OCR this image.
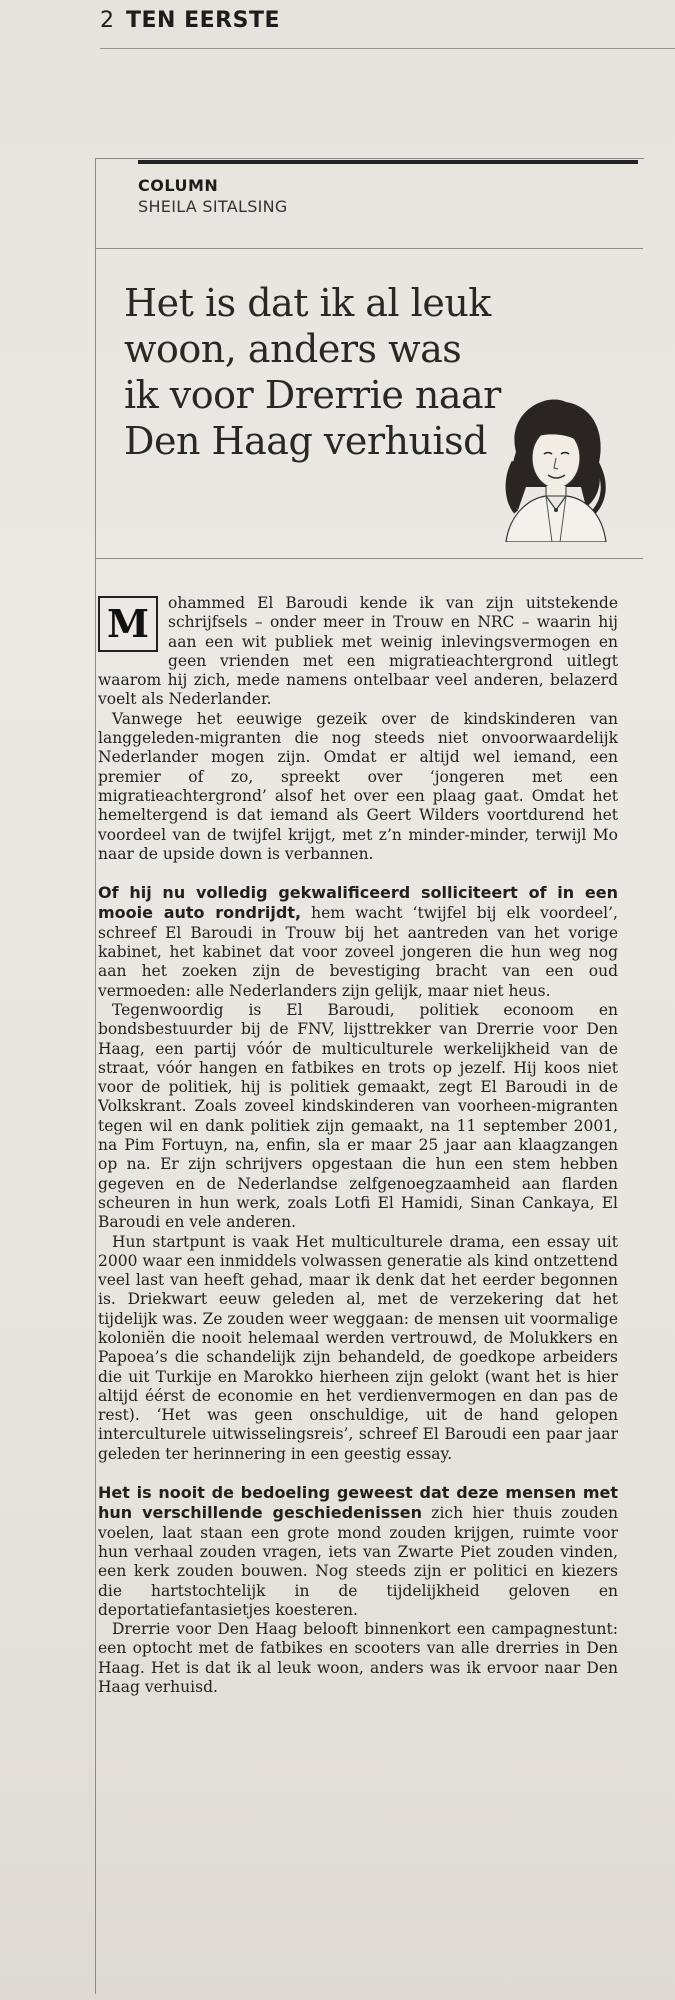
2 TEN EERSTE
COLUMN
SHEILA SITALSING
Het is dat ik al leuk woon, anders was ik voor Drerrie naar Den Haag verhuisd

M	ohammed El Baroudi kende ik van zijn uitstekende schrijfsels – onder meer in Trouw en NRC – waarin hij aan een wit publiek met weinig inlevingsvermogen en geen vrienden met een migratieachtergrond uitlegt waarom hij zich, mede namens ontelbaar veel anderen, belazerd voelt als Nederlander.

Vanwege het eeuwige gezeik over de kindskinderen van langgeleden-migranten die nog steeds niet onvoorwaardelijk Nederlander mogen zijn. Omdat er altijd wel iemand, een premier of zo, spreekt over ‘jongeren met een migratieachtergrond’ alsof het over een plaag gaat. Omdat het hemeltergend is dat iemand als Geert Wilders voortdurend het voordeel van de twijfel krijgt, met z’n minder-minder, terwijl Mo naar de upside down is verbannen.

Of hij nu volledig gekwalificeerd solliciteert of in een mooie auto rondrijdt, hem wacht ‘twijfel bij elk voordeel’, schreef El Baroudi in Trouw bij het aantreden van het vorige kabinet, het kabinet dat voor zoveel jongeren die hun weg nog aan het zoeken zijn de bevestiging bracht van een oud vermoeden: alle Nederlanders zijn gelijk, maar niet heus.

Tegenwoordig is El Baroudi, politiek econoom en bondsbestuurder bij de FNV, lijsttrekker van Drerrie voor Den Haag, een partij vóór de multiculturele werkelijkheid van de straat, vóór hangen en fatbikes en trots op jezelf. Hij koos niet voor de politiek, hij is politiek gemaakt, zegt El Baroudi in de Volkskrant. Zoals zoveel kindskinderen van voorheen-migranten tegen wil en dank politiek zijn gemaakt, na 11 september 2001, na Pim Fortuyn, na, enfin, sla er maar 25 jaar aan klaagzangen op na. Er zijn schrijvers opgestaan die hun een stem hebben gegeven en de Nederlandse zelfgenoegzaamheid aan flarden scheuren in hun werk, zoals Lotfi El Hamidi, Sinan Cankaya, El Baroudi en vele anderen.

Hun startpunt is vaak Het multiculturele drama, een essay uit 2000 waar een inmiddels volwassen generatie als kind ontzettend veel last van heeft gehad, maar ik denk dat het eerder begonnen is. Driekwart eeuw geleden al, met de verzekering dat het tijdelijk was. Ze zouden weer weggaan: de mensen uit voormalige koloniën die nooit helemaal werden vertrouwd, de Molukkers en Papoea’s die schandelijk zijn behandeld, de goedkope arbeiders die uit Turkije en Marokko hierheen zijn gelokt (want het is hier altijd éérst de economie en het verdienvermogen en dan pas de rest). ‘Het was geen onschuldige, uit de hand gelopen interculturele uitwisselingsreis’, schreef El Baroudi een paar jaar geleden ter herinnering in een geestig essay.

Het is nooit de bedoeling geweest dat deze mensen met hun verschillende geschiedenissen zich hier thuis zouden voelen, laat staan een grote mond zouden krijgen, ruimte voor hun verhaal zouden vragen, iets van Zwarte Piet zouden vinden, een kerk zouden bouwen. Nog steeds zijn er politici en kiezers die hartstochtelijk in de tijdelijkheid geloven en deportatiefantasietjes koesteren.

Drerrie voor Den Haag belooft binnenkort een campagnestunt: een optocht met de fatbikes en scooters van alle drerries in Den Haag. Het is dat ik al leuk woon, anders was ik ervoor naar Den Haag verhuisd.
